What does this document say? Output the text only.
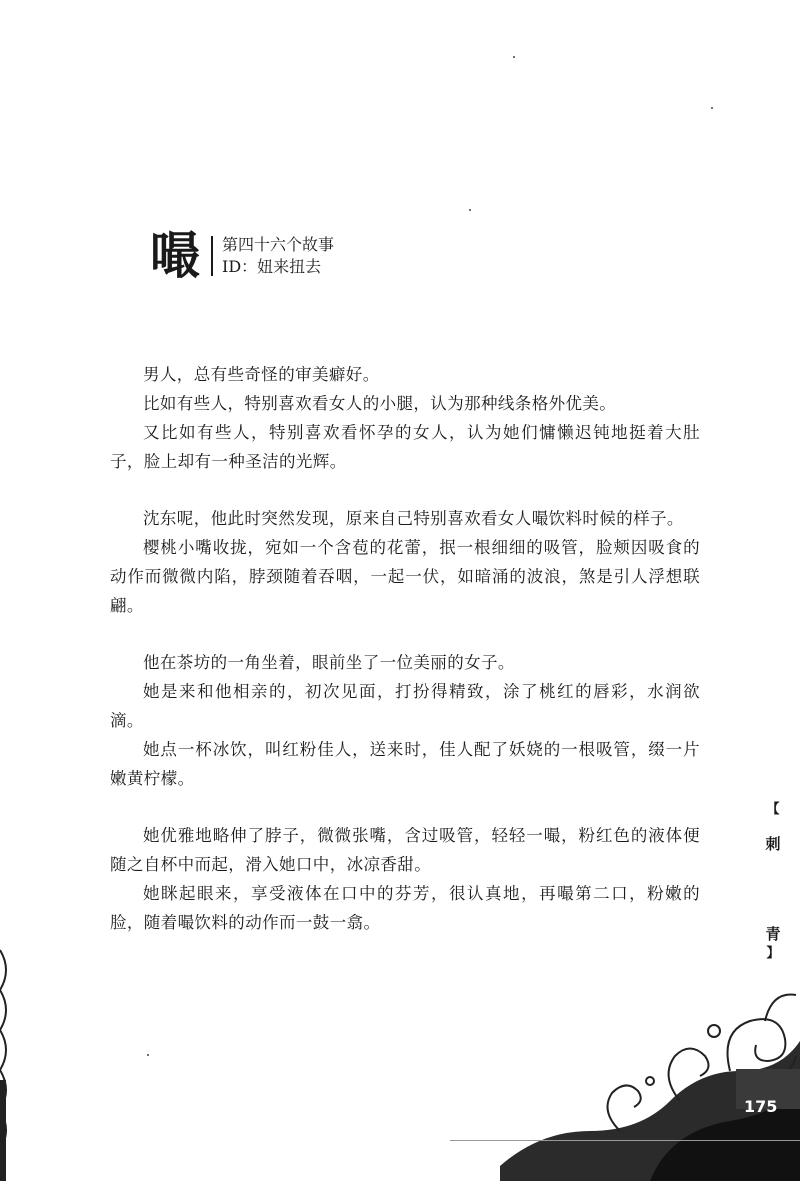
嘬 第四十六个故事
ID：妞来扭去

男人，总有些奇怪的审美癖好。

比如有些人，特别喜欢看女人的小腿，认为那种线条格外优美。

又比如有些人，特别喜欢看怀孕的女人，认为她们慵懒迟钝地挺着大肚子，脸上却有一种圣洁的光辉。

沈东呢，他此时突然发现，原来自己特别喜欢看女人嘬饮料时候的样子。

樱桃小嘴收拢，宛如一个含苞的花蕾，抿一根细细的吸管，脸颊因吸食的动作而微微内陷，脖颈随着吞咽，一起一伏，如暗涌的波浪，煞是引人浮想联翩。

他在茶坊的一角坐着，眼前坐了一位美丽的女子。

她是来和他相亲的，初次见面，打扮得精致，涂了桃红的唇彩，水润欲滴。

她点一杯冰饮，叫红粉佳人，送来时，佳人配了妖娆的一根吸管，缀一片嫩黄柠檬。

她优雅地略伸了脖子，微微张嘴，含过吸管，轻轻一嘬，粉红色的液体便随之自杯中而起，滑入她口中，冰凉香甜。

她眯起眼来，享受液体在口中的芬芳，很认真地，再嘬第二口，粉嫩的脸，随着嘬饮料的动作而一鼓一翕。

【
刺
青
】
175
